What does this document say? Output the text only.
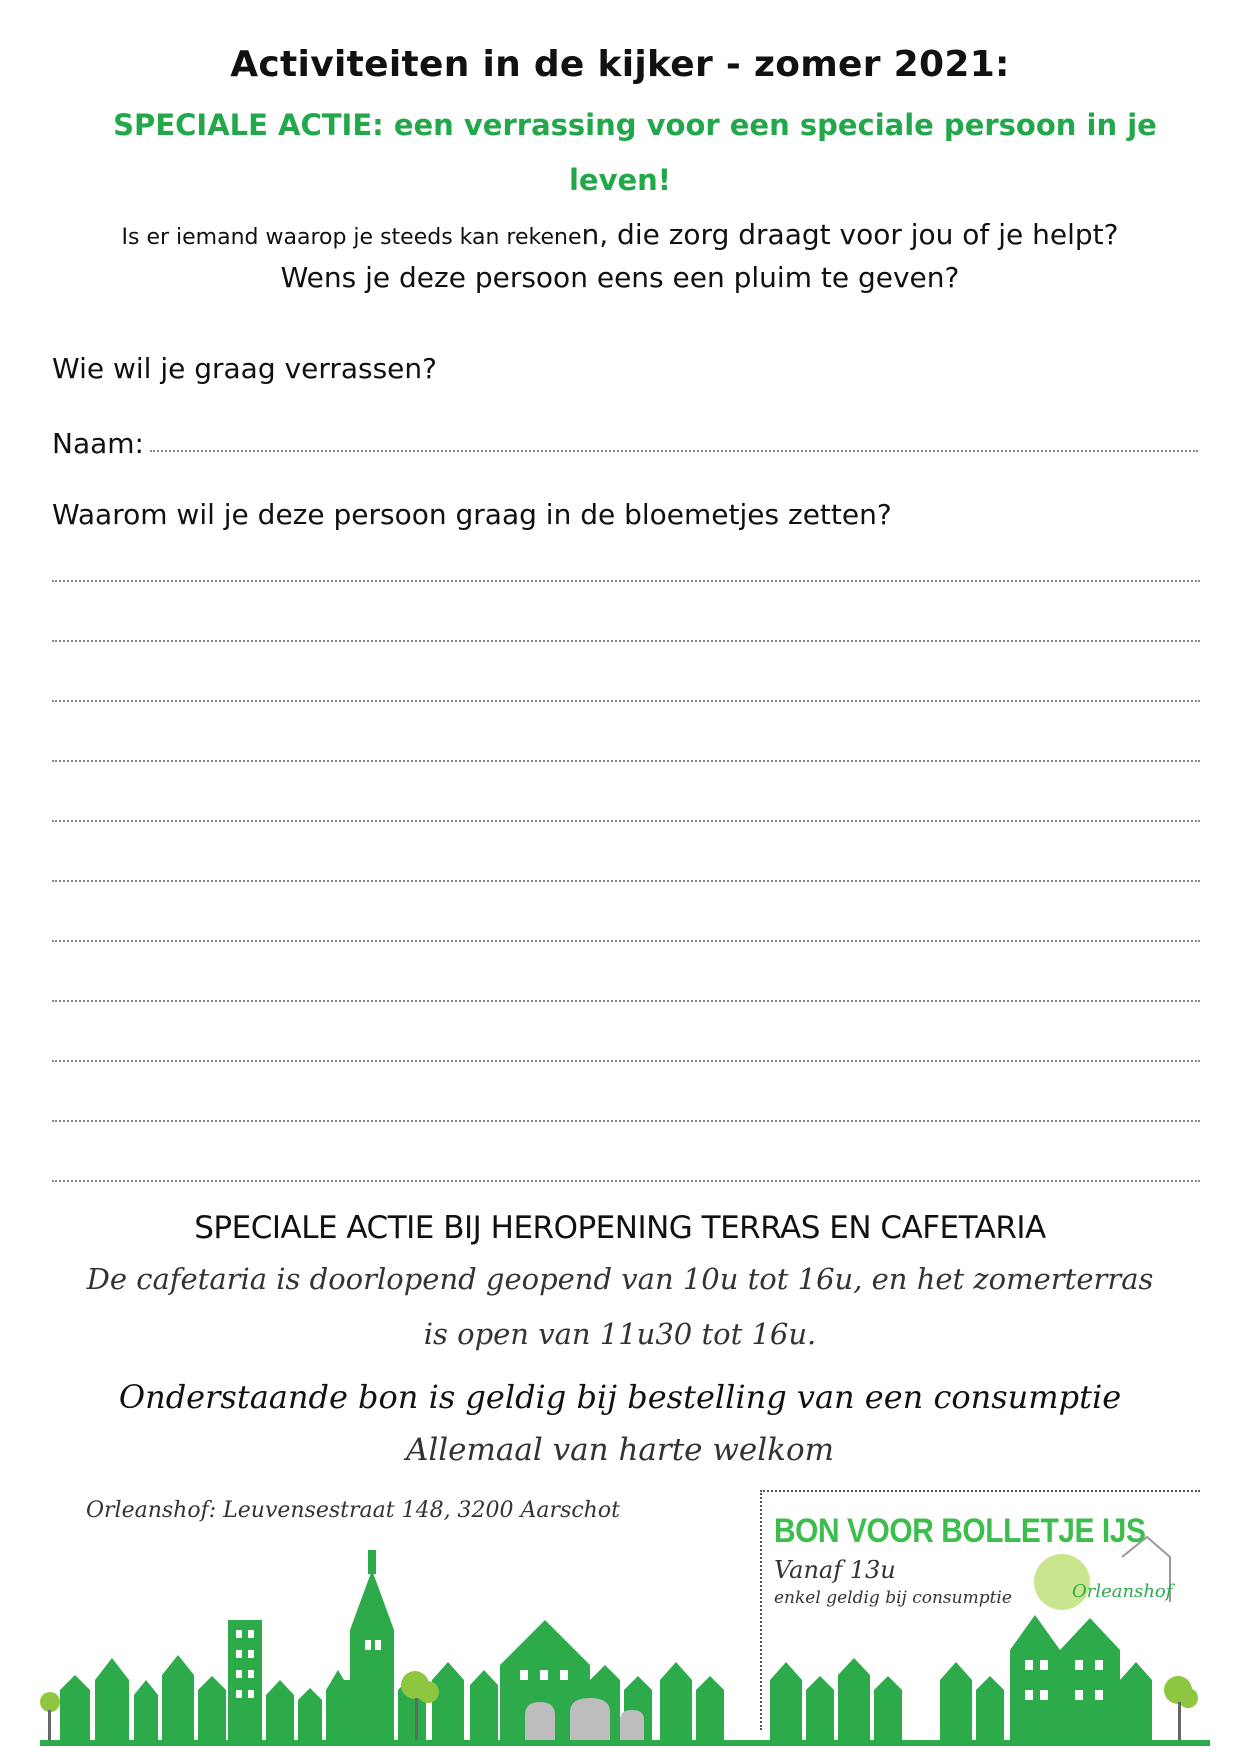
Activiteiten in de kijker - zomer 2021:
SPECIALE ACTIE: een verrassing voor een speciale persoon in je
leven!
Is er iemand waarop je steeds kan rekenen, die zorg draagt voor jou of je helpt?
Wens je deze persoon eens een pluim te geven?
Wie wil je graag verrassen?
Naam:
Waarom wil je deze persoon graag in de bloemetjes zetten?
SPECIALE ACTIE BIJ HEROPENING TERRAS EN CAFETARIA
De cafetaria is doorlopend geopend van 10u tot 16u, en het zomerterras
is open van 11u30 tot 16u.
Onderstaande bon is geldig bij bestelling van een consumptie
Allemaal van harte welkom
Orleanshof: Leuvensestraat 148, 3200 Aarschot
BON VOOR BOLLETJE IJS
Vanaf 13u
enkel geldig bij consumptie	Orleanshof
